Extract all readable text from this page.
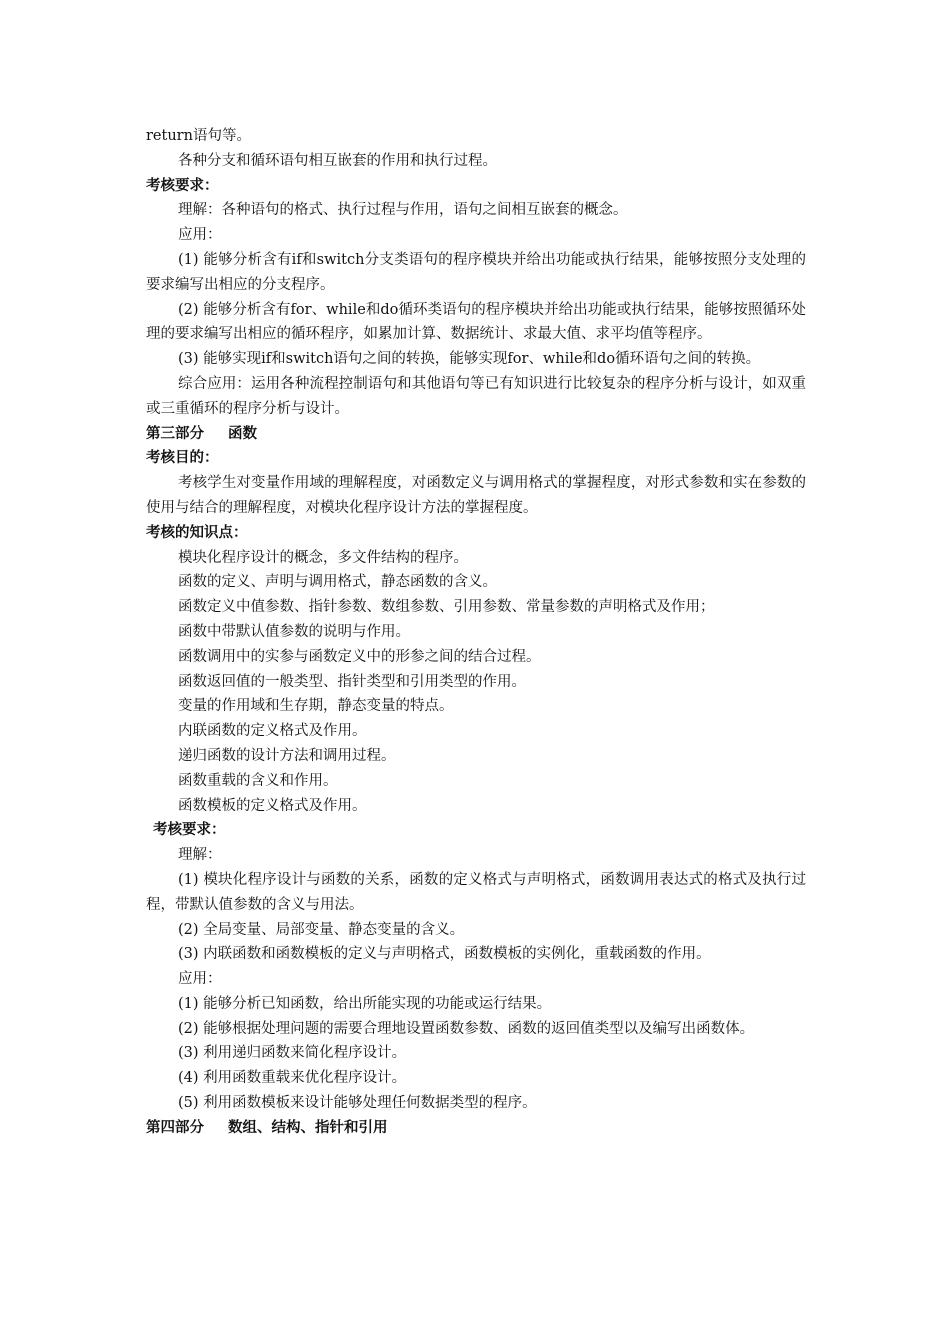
return语句等。

各种分支和循环语句相互嵌套的作用和执行过程。

考核要求：

理解：各种语句的格式、执行过程与作用，语句之间相互嵌套的概念。

应用：

(1) 能够分析含有if和switch分支类语句的程序模块并给出功能或执行结果，能够按照分支处理的要求编写出相应的分支程序。

(2) 能够分析含有for、while和do循环类语句的程序模块并给出功能或执行结果，能够按照循环处理的要求编写出相应的循环程序，如累加计算、数据统计、求最大值、求平均值等程序。

(3) 能够实现if和switch语句之间的转换，能够实现for、while和do循环语句之间的转换。

综合应用：运用各种流程控制语句和其他语句等已有知识进行比较复杂的程序分析与设计，如双重或三重循环的程序分析与设计。

第三部分 函数

考核目的：

考核学生对变量作用域的理解程度，对函数定义与调用格式的掌握程度，对形式参数和实在参数的使用与结合的理解程度，对模块化程序设计方法的掌握程度。

考核的知识点：

模块化程序设计的概念，多文件结构的程序。

函数的定义、声明与调用格式，静态函数的含义。

函数定义中值参数、指针参数、数组参数、引用参数、常量参数的声明格式及作用；

函数中带默认值参数的说明与作用。

函数调用中的实参与函数定义中的形参之间的结合过程。

函数返回值的一般类型、指针类型和引用类型的作用。

变量的作用域和生存期，静态变量的特点。

内联函数的定义格式及作用。

递归函数的设计方法和调用过程。

函数重载的含义和作用。

函数模板的定义格式及作用。

考核要求：

理解：

(1) 模块化程序设计与函数的关系，函数的定义格式与声明格式，函数调用表达式的格式及执行过程，带默认值参数的含义与用法。

(2) 全局变量、局部变量、静态变量的含义。

(3) 内联函数和函数模板的定义与声明格式，函数模板的实例化，重载函数的作用。

应用：

(1) 能够分析已知函数，给出所能实现的功能或运行结果。

(2) 能够根据处理问题的需要合理地设置函数参数、函数的返回值类型以及编写出函数体。

(3) 利用递归函数来简化程序设计。

(4) 利用函数重载来优化程序设计。

(5) 利用函数模板来设计能够处理任何数据类型的程序。

第四部分 数组、结构、指针和引用
